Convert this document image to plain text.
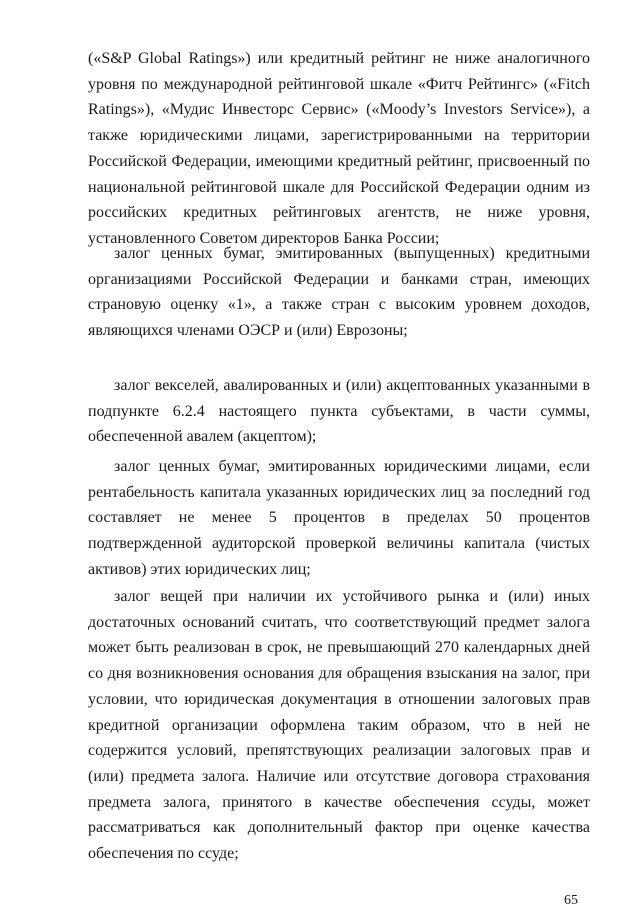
(«S&P Global Ratings») или кредитный рейтинг не ниже аналогичного уровня по международной рейтинговой шкале «Фитч Рейтингс» («Fitch Ratings»), «Мудис Инвесторс Сервис» («Moody’s Investors Service»), а также юридическими лицами, зарегистрированными на территории Российской Федерации, имеющими кредитный рейтинг, присвоенный по национальной рейтинговой шкале для Российской Федерации одним из российских кредитных рейтинговых агентств, не ниже уровня, установленного Советом директоров Банка России;

залог ценных бумаг, эмитированных (выпущенных) кредитными организациями Российской Федерации и банками стран, имеющих страновую оценку «1», а также стран с высоким уровнем доходов, являющихся членами ОЭСР и (или) Еврозоны;

залог векселей, авалированных и (или) акцептованных указанными в подпункте 6.2.4 настоящего пункта субъектами, в части суммы, обеспеченной авалем (акцептом);

залог ценных бумаг, эмитированных юридическими лицами, если рентабельность капитала указанных юридических лиц за последний год составляет не менее 5 процентов в пределах 50 процентов подтвержденной аудиторской проверкой величины капитала (чистых активов) этих юридических лиц;

залог вещей при наличии их устойчивого рынка и (или) иных достаточных оснований считать, что соответствующий предмет залога может быть реализован в срок, не превышающий 270 календарных дней со дня возникновения основания для обращения взыскания на залог, при условии, что юридическая документация в отношении залоговых прав кредитной организации оформлена таким образом, что в ней не содержится условий, препятствующих реализации залоговых прав и (или) предмета залога. Наличие или отсутствие договора страхования предмета залога, принятого в качестве обеспечения ссуды, может рассматриваться как дополнительный фактор при оценке качества обеспечения по ссуде;

65
